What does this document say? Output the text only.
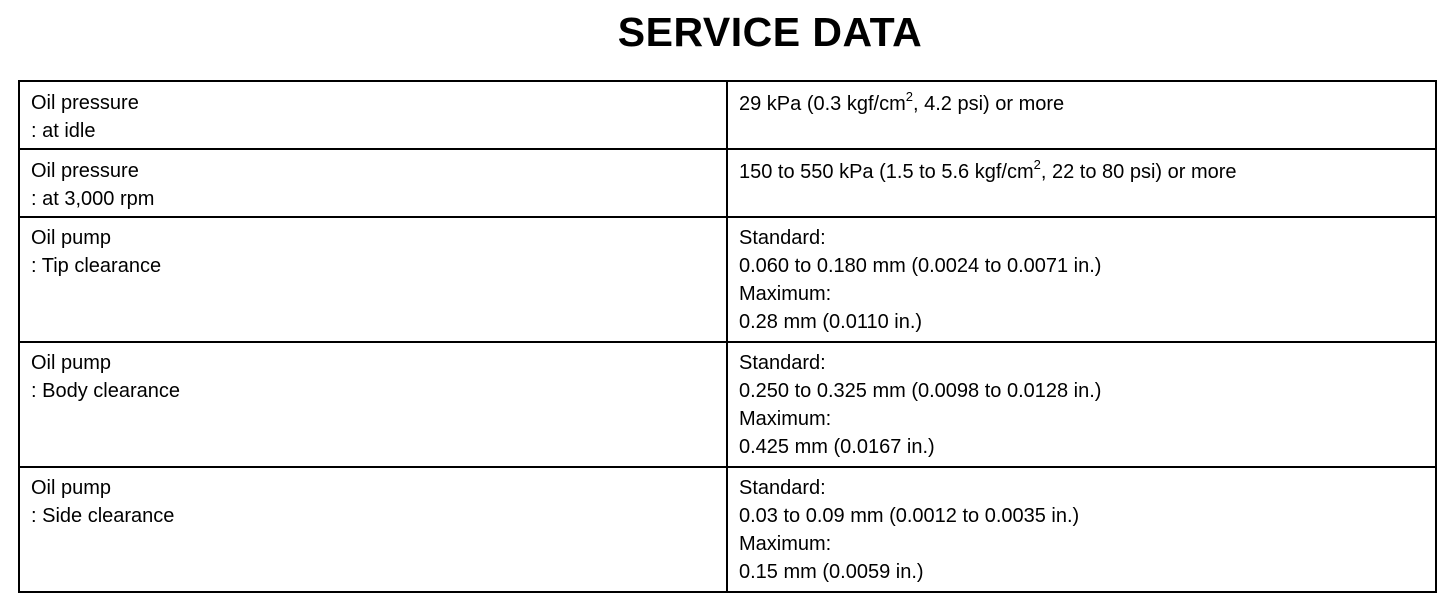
SERVICE DATA
Oil pressure
: at idle	29 kPa (0.3 kgf/$cm^2$, 4.2 psi) or more

Oil pressure
: at 3,000 rpm	150 to 550 kPa (1.5 to 5.6 kgf/$cm^2$, 22 to 80 psi) or more

Oil pump
: Tip clearance	Standard:
0.060 to 0.180 mm (0.0024 to 0.0071 in.)
Maximum:
0.28 mm (0.0110 in.)

Oil pump
: Body clearance	Standard:
0.250 to 0.325 mm (0.0098 to 0.0128 in.)
Maximum:
0.425 mm (0.0167 in.)

Oil pump
: Side clearance	Standard:
0.03 to 0.09 mm (0.0012 to 0.0035 in.)
Maximum:
0.15 mm (0.0059 in.)
